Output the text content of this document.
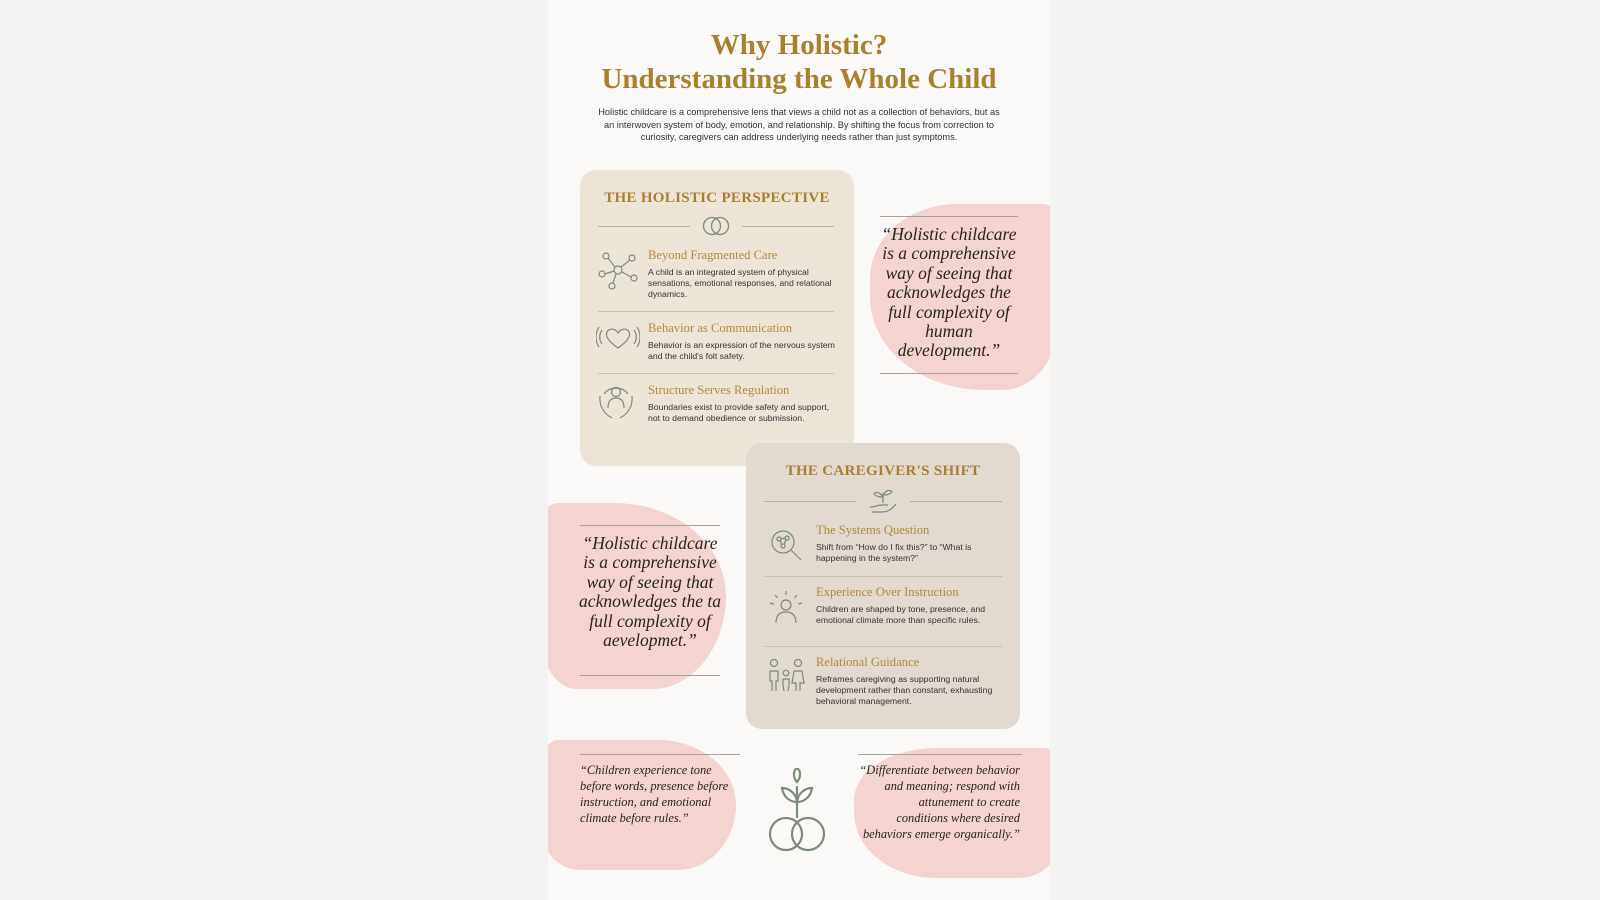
Why Holistic?
Understanding the Whole Child
Holistic childcare is a comprehensive lens that views a child not as a collection of behaviors, but as an interwoven system of body, emotion, and relationship. By shifting the focus from correction to curiosity, caregivers can address underlying needs rather than just symptoms.
“Holistic childcare
is a comprehensive
way of seeing that
acknowledges the
full complexity of
human
development.”
THE HOLISTIC PERSPECTIVE
Beyond Fragmented Care
A child is an integrated system of physical sensations, emotional responses, and relational dynamics.
Behavior as Communication
Behavior is an expression of the nervous system and the child's folt safety.
Structure Serves Regulation
Boundaries exist to provide safety and support, not to demand obedience or submission.
“Holistic childcare
is a comprehensive
way of seeing that
acknowledges the ta
full complexity of
aevelopmet.”
THE CAREGIVER'S SHIFT
The Systems Question
Shift from “How do I fix this?” to “What is happening in the system?”
Experience Over Instruction
Children are shaped by tone, presence, and emotional climate more than specific rules.
Relational Guidance
Reframes caregiving as supporting natural development rather than constant, exhausting behavioral management.
“Children experience tone
before words, presence before
instruction, and emotional
climate before rules.”
“Differentiate between behavior
and meaning; respond with
attunement to create
conditions where desired
behaviors emerge organically.”
